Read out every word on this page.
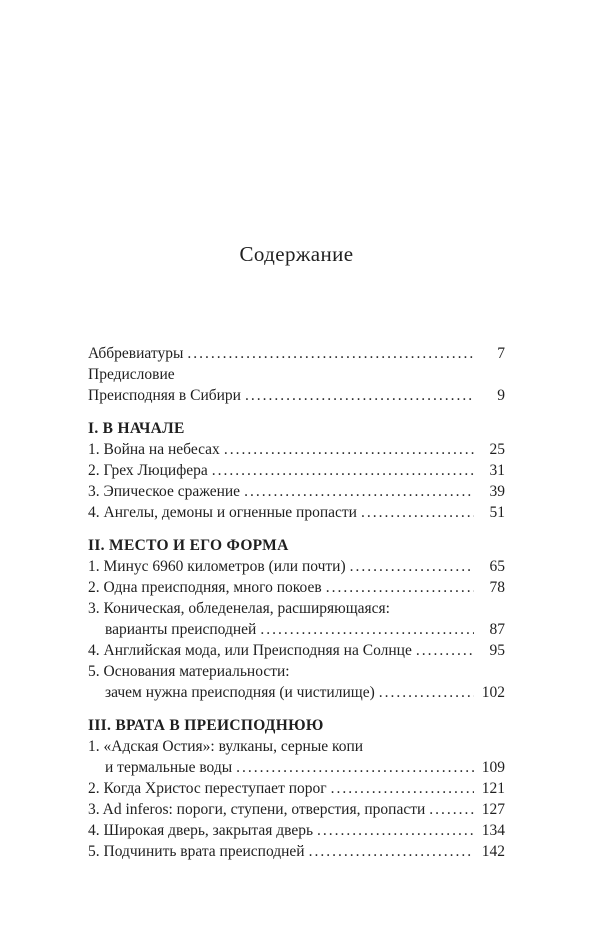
Содержание
Аббревиатуры .....	7
Предисловие
Преисподняя в Сибири .....	9
I. В НАЧАЛЕ
1. Война на небесах .....	25
2. Грех Люцифера .....	31
3. Эпическое сражение .....	39
4. Ангелы, демоны и огненные пропасти .....	51
II. МЕСТО И ЕГО ФОРМА
1. Минус 6960 километров (или почти) .....	65
2. Одна преисподняя, много покоев .....	78
3. Коническая, обледенелая, расширяющаяся:
варианты преисподней .....	87
4. Английская мода, или Преисподняя на Солнце .....	95
5. Основания материальности:
зачем нужна преисподняя (и чистилище) .....	102
III. ВРАТА В ПРЕИСПОДНЮЮ
1. «Адская Остия»: вулканы, серные копи
и термальные воды .....	109
2. Когда Христос переступает порог .....	121
3. Ad inferos: пороги, ступени, отверстия, пропасти .....	127
4. Широкая дверь, закрытая дверь .....	134
5. Подчинить врата преисподней .....	142
